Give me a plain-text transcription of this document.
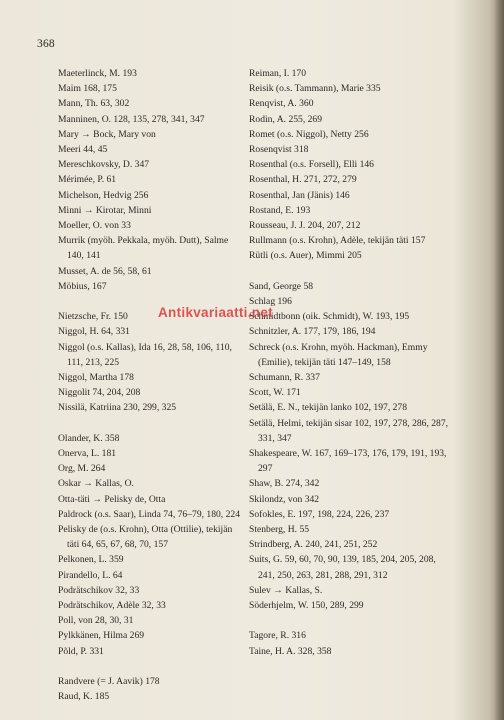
368
Maeterlinck, M. 193
Maim 168, 175
Mann, Th. 63, 302
Manninen, O. 128, 135, 278, 341, 347
Mary → Bock, Mary von
Meeri 44, 45
Mereschkovsky, D. 347
Mérimée, P. 61
Michelson, Hedvig 256
Minni → Kirotar, Minni
Moeller, O. von 33
Murrik (myöh. Pekkala, myöh. Dutt), Salme 140, 141
Musset, A. de 56, 58, 61
Möbius, 167
Nietzsche, Fr. 150
Niggol, H. 64, 331
Niggol (o.s. Kallas), Ida 16, 28, 58, 106, 110, 111, 213, 225
Niggol, Martha 178
Niggolit 74, 204, 208
Nissilä, Katriina 230, 299, 325
Olander, K. 358
Onerva, L. 181
Org, M. 264
Oskar → Kallas, O.
Otta-täti → Pelisky de, Otta
Paldrock (o.s. Saar), Linda 74, 76–79, 180, 224
Pelisky de (o.s. Krohn), Otta (Ottilie), tekijän täti 64, 65, 67, 68, 70, 157
Pelkonen, L. 359
Pirandello, L. 64
Podrätschikov 32, 33
Podrätschikov, Adèle 32, 33
Poll, von 28, 30, 31
Pylkkänen, Hilma 269
Põld, P. 331
Randvere (= J. Aavik) 178
Raud, K. 185
Reiman, I. 170
Reisik (o.s. Tammann), Marie 335
Renqvist, A. 360
Rodin, A. 255, 269
Romet (o.s. Niggol), Netty 256
Rosenqvist 318
Rosenthal (o.s. Forsell), Elli 146
Rosenthal, H. 271, 272, 279
Rosenthal, Jan (Jänis) 146
Rostand, E. 193
Rousseau, J. J. 204, 207, 212
Rullmann (o.s. Krohn), Adèle, tekijän täti 157
Rütli (o.s. Auer), Mimmi 205
Sand, George 58
Schlag 196
Schmidtbonn (oik. Schmidt), W. 193, 195
Schnitzler, A. 177, 179, 186, 194
Schreck (o.s. Krohn, myöh. Hackman), Emmy (Emilie), tekijän täti 147–149, 158
Schumann, R. 337
Scott, W. 171
Setälä, E. N., tekijän lanko 102, 197, 278
Setälä, Helmi, tekijän sisar 102, 197, 278, 286, 287, 331, 347
Shakespeare, W. 167, 169–173, 176, 179, 191, 193, 297
Shaw, B. 274, 342
Skilondz, von 342
Sofokles, E. 197, 198, 224, 226, 237
Stenberg, H. 55
Strindberg, A. 240, 241, 251, 252
Suits, G. 59, 60, 70, 90, 139, 185, 204, 205, 208, 241, 250, 263, 281, 288, 291, 312
Sulev → Kallas, S.
Söderhjelm, W. 150, 289, 299
Tagore, R. 316
Taine, H. A. 328, 358
Antikvariaatti.net
